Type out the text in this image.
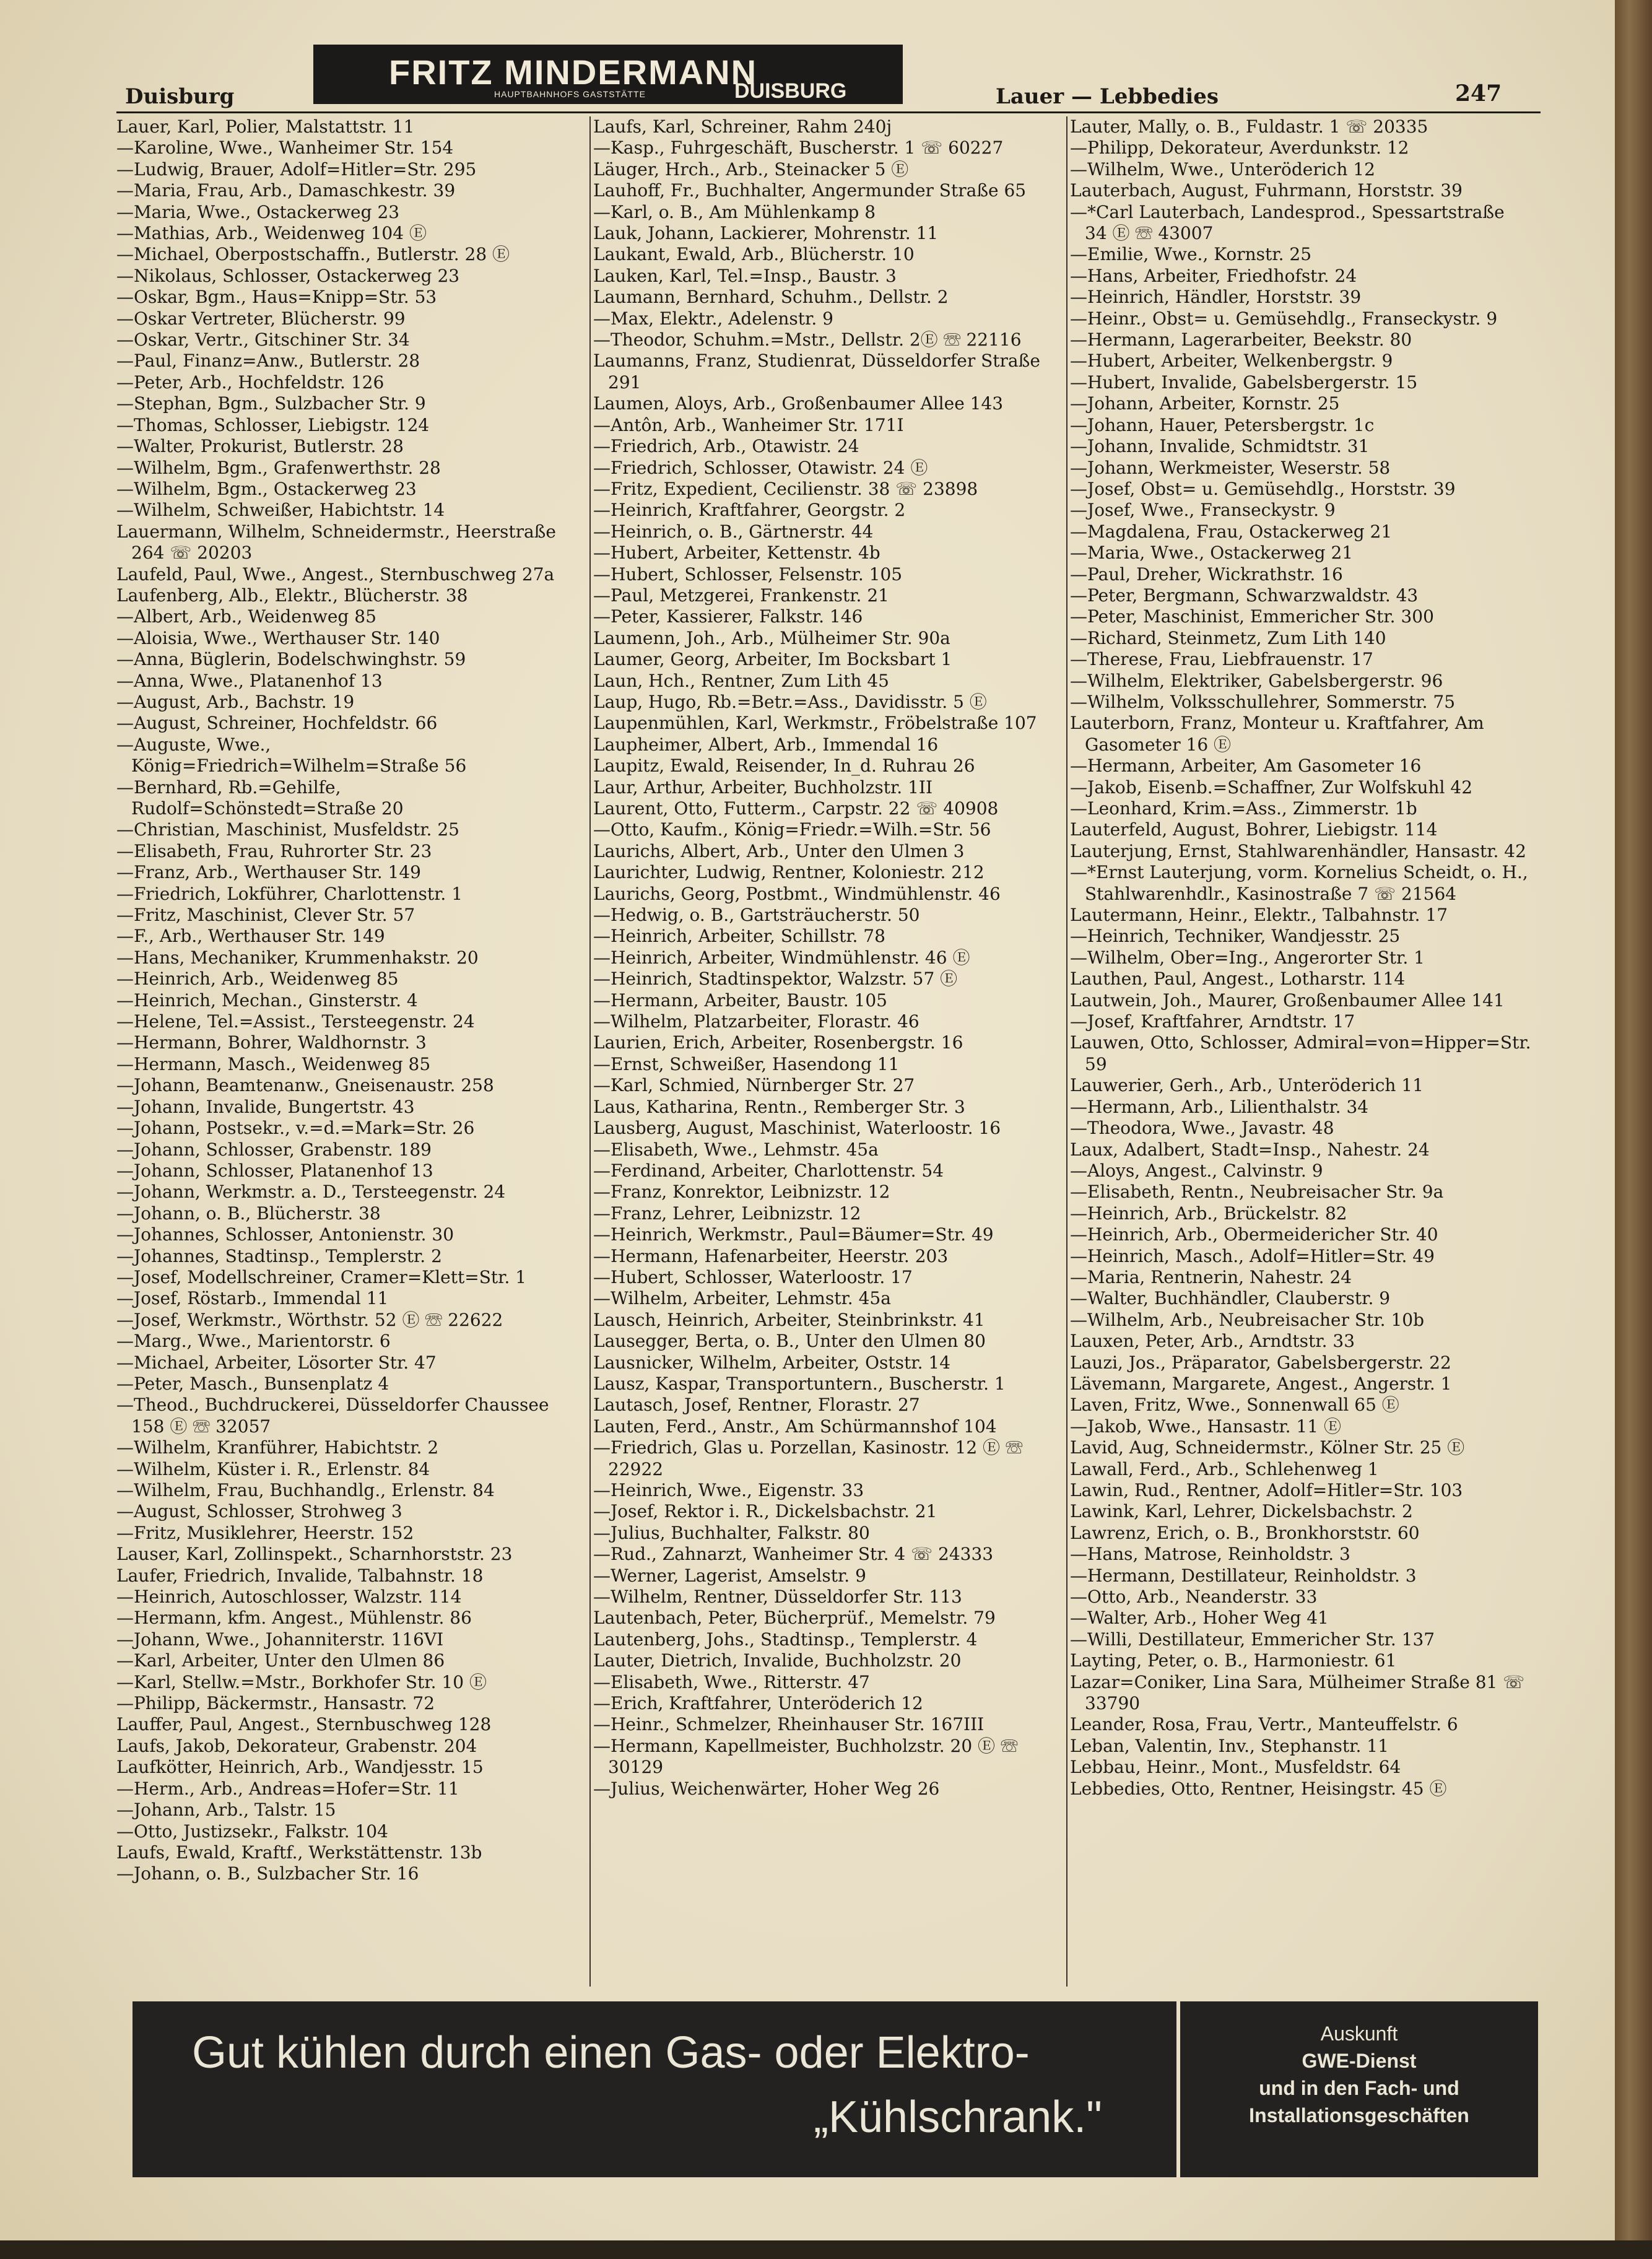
Duisburg
FRITZ MINDERMANN
HAUPTBAHNHOFS GASTSTÄTTE	DUISBURG	Lauer — Lebbedies	247

Lauer, Karl, Polier, Malstattstr. 11

—Karoline, Wwe., Wanheimer Str. 154

—Ludwig, Brauer, Adolf=Hitler=Str. 295

—Maria, Frau, Arb., Damaschkestr. 39

—Maria, Wwe., Ostackerweg 23

—Mathias, Arb., Weidenweg 104 Ⓔ

—Michael, Oberpostschaffn., Butlerstr. 28 Ⓔ

—Nikolaus, Schlosser, Ostackerweg 23

—Oskar, Bgm., Haus=Knipp=Str. 53

—Oskar Vertreter, Blücherstr. 99

—Oskar, Vertr., Gitschiner Str. 34

—Paul, Finanz=Anw., Butlerstr. 28

—Peter, Arb., Hochfeldstr. 126

—Stephan, Bgm., Sulzbacher Str. 9

—Thomas, Schlosser, Liebigstr. 124

—Walter, Prokurist, Butlerstr. 28

—Wilhelm, Bgm., Grafenwerthstr. 28

—Wilhelm, Bgm., Ostackerweg 23

—Wilhelm, Schweißer, Habichtstr. 14

Lauermann, Wilhelm, Schneidermstr., Heerstraße 264 ☏ 20203

Laufeld, Paul, Wwe., Angest., Sternbuschweg 27a

Laufenberg, Alb., Elektr., Blücherstr. 38

—Albert, Arb., Weidenweg 85

—Aloisia, Wwe., Werthauser Str. 140

—Anna, Büglerin, Bodelschwinghstr. 59

—Anna, Wwe., Platanenhof 13

—August, Arb., Bachstr. 19

—August, Schreiner, Hochfeldstr. 66

—Auguste, Wwe., König=Friedrich=Wilhelm=Straße 56

—Bernhard, Rb.=Gehilfe, Rudolf=Schönstedt=Straße 20

—Christian, Maschinist, Musfeldstr. 25

—Elisabeth, Frau, Ruhrorter Str. 23

—Franz, Arb., Werthauser Str. 149

—Friedrich, Lokführer, Charlottenstr. 1

—Fritz, Maschinist, Clever Str. 57

—F., Arb., Werthauser Str. 149

—Hans, Mechaniker, Krummenhakstr. 20

—Heinrich, Arb., Weidenweg 85

—Heinrich, Mechan., Ginsterstr. 4

—Helene, Tel.=Assist., Tersteegenstr. 24

—Hermann, Bohrer, Waldhornstr. 3

—Hermann, Masch., Weidenweg 85

—Johann, Beamtenanw., Gneisenaustr. 258

—Johann, Invalide, Bungertstr. 43

—Johann, Postsekr., v.=d.=Mark=Str. 26

—Johann, Schlosser, Grabenstr. 189

—Johann, Schlosser, Platanenhof 13

—Johann, Werkmstr. a. D., Tersteegenstr. 24

—Johann, o. B., Blücherstr. 38

—Johannes, Schlosser, Antonienstr. 30

—Johannes, Stadtinsp., Templerstr. 2

—Josef, Modellschreiner, Cramer=Klett=Str. 1

—Josef, Röstarb., Immendal 11

—Josef, Werkmstr., Wörthstr. 52 Ⓔ ☏ 22622

—Marg., Wwe., Marientorstr. 6

—Michael, Arbeiter, Lösorter Str. 47

—Peter, Masch., Bunsenplatz 4

—Theod., Buchdruckerei, Düsseldorfer Chaussee 158 Ⓔ ☏ 32057

—Wilhelm, Kranführer, Habichtstr. 2

—Wilhelm, Küster i. R., Erlenstr. 84

—Wilhelm, Frau, Buchhandlg., Erlenstr. 84

—August, Schlosser, Strohweg 3

—Fritz, Musiklehrer, Heerstr. 152

Lauser, Karl, Zollinspekt., Scharnhorststr. 23

Laufer, Friedrich, Invalide, Talbahnstr. 18

—Heinrich, Autoschlosser, Walzstr. 114

—Hermann, kfm. Angest., Mühlenstr. 86

—Johann, Wwe., Johanniterstr. 116VI

—Karl, Arbeiter, Unter den Ulmen 86

—Karl, Stellw.=Mstr., Borkhofer Str. 10 Ⓔ

—Philipp, Bäckermstr., Hansastr. 72

Lauffer, Paul, Angest., Sternbuschweg 128

Laufs, Jakob, Dekorateur, Grabenstr. 204

Laufkötter, Heinrich, Arb., Wandjesstr. 15

—Herm., Arb., Andreas=Hofer=Str. 11

—Johann, Arb., Talstr. 15

—Otto, Justizsekr., Falkstr. 104

Laufs, Ewald, Kraftf., Werkstättenstr. 13b

—Johann, o. B., Sulzbacher Str. 16

Laufs, Karl, Schreiner, Rahm 240j

—Kasp., Fuhrgeschäft, Buscherstr. 1 ☏ 60227

Läuger, Hrch., Arb., Steinacker 5 Ⓔ

Lauhoff, Fr., Buchhalter, Angermunder Straße 65

—Karl, o. B., Am Mühlenkamp 8

Lauk, Johann, Lackierer, Mohrenstr. 11

Laukant, Ewald, Arb., Blücherstr. 10

Lauken, Karl, Tel.=Insp., Baustr. 3

Laumann, Bernhard, Schuhm., Dellstr. 2

—Max, Elektr., Adelenstr. 9

—Theodor, Schuhm.=Mstr., Dellstr. 2Ⓔ ☏ 22116

Laumanns, Franz, Studienrat, Düsseldorfer Straße 291

Laumen, Aloys, Arb., Großenbaumer Allee 143

—Antôn, Arb., Wanheimer Str. 171I

—Friedrich, Arb., Otawistr. 24

—Friedrich, Schlosser, Otawistr. 24 Ⓔ

—Fritz, Expedient, Cecilienstr. 38 ☏ 23898

—Heinrich, Kraftfahrer, Georgstr. 2

—Heinrich, o. B., Gärtnerstr. 44

—Hubert, Arbeiter, Kettenstr. 4b

—Hubert, Schlosser, Felsenstr. 105

—Paul, Metzgerei, Frankenstr. 21

—Peter, Kassierer, Falkstr. 146

Laumenn, Joh., Arb., Mülheimer Str. 90a

Laumer, Georg, Arbeiter, Im Bocksbart 1

Laun, Hch., Rentner, Zum Lith 45

Laup, Hugo, Rb.=Betr.=Ass., Davidisstr. 5 Ⓔ

Laupenmühlen, Karl, Werkmstr., Fröbelstraße 107

Laupheimer, Albert, Arb., Immendal 16

Laupitz, Ewald, Reisender, In_d. Ruhrau 26

Laur, Arthur, Arbeiter, Buchholzstr. 1II

Laurent, Otto, Futterm., Carpstr. 22 ☏ 40908

—Otto, Kaufm., König=Friedr.=Wilh.=Str. 56

Laurichs, Albert, Arb., Unter den Ulmen 3

Laurichter, Ludwig, Rentner, Koloniestr. 212

Laurichs, Georg, Postbmt., Windmühlenstr. 46

—Hedwig, o. B., Gartsträucherstr. 50

—Heinrich, Arbeiter, Schillstr. 78

—Heinrich, Arbeiter, Windmühlenstr. 46 Ⓔ

—Heinrich, Stadtinspektor, Walzstr. 57 Ⓔ

—Hermann, Arbeiter, Baustr. 105

—Wilhelm, Platzarbeiter, Florastr. 46

Laurien, Erich, Arbeiter, Rosenbergstr. 16

—Ernst, Schweißer, Hasendong 11

—Karl, Schmied, Nürnberger Str. 27

Laus, Katharina, Rentn., Remberger Str. 3

Lausberg, August, Maschinist, Waterloostr. 16

—Elisabeth, Wwe., Lehmstr. 45a

—Ferdinand, Arbeiter, Charlottenstr. 54

—Franz, Konrektor, Leibnizstr. 12

—Franz, Lehrer, Leibnizstr. 12

—Heinrich, Werkmstr., Paul=Bäumer=Str. 49

—Hermann, Hafenarbeiter, Heerstr. 203

—Hubert, Schlosser, Waterloostr. 17

—Wilhelm, Arbeiter, Lehmstr. 45a

Lausch, Heinrich, Arbeiter, Steinbrinkstr. 41

Lausegger, Berta, o. B., Unter den Ulmen 80

Lausnicker, Wilhelm, Arbeiter, Oststr. 14

Lausz, Kaspar, Transportuntern., Buscherstr. 1

Lautasch, Josef, Rentner, Florastr. 27

Lauten, Ferd., Anstr., Am Schürmannshof 104

—Friedrich, Glas u. Porzellan, Kasinostr. 12 Ⓔ ☏ 22922

—Heinrich, Wwe., Eigenstr. 33

—Josef, Rektor i. R., Dickelsbachstr. 21

—Julius, Buchhalter, Falkstr. 80

—Rud., Zahnarzt, Wanheimer Str. 4 ☏ 24333

—Werner, Lagerist, Amselstr. 9

—Wilhelm, Rentner, Düsseldorfer Str. 113

Lautenbach, Peter, Bücherprüf., Memelstr. 79

Lautenberg, Johs., Stadtinsp., Templerstr. 4

Lauter, Dietrich, Invalide, Buchholzstr. 20

—Elisabeth, Wwe., Ritterstr. 47

—Erich, Kraftfahrer, Unteröderich 12

—Heinr., Schmelzer, Rheinhauser Str. 167III

—Hermann, Kapellmeister, Buchholzstr. 20 Ⓔ ☏ 30129

—Julius, Weichenwärter, Hoher Weg 26

Lauter, Mally, o. B., Fuldastr. 1 ☏ 20335

—Philipp, Dekorateur, Averdunkstr. 12

—Wilhelm, Wwe., Unteröderich 12

Lauterbach, August, Fuhrmann, Horststr. 39

—*Carl Lauterbach, Landesprod., Spessartstraße 34 Ⓔ ☏ 43007

—Emilie, Wwe., Kornstr. 25

—Hans, Arbeiter, Friedhofstr. 24

—Heinrich, Händler, Horststr. 39

—Heinr., Obst= u. Gemüsehdlg., Franseckystr. 9

—Hermann, Lagerarbeiter, Beekstr. 80

—Hubert, Arbeiter, Welkenbergstr. 9

—Hubert, Invalide, Gabelsbergerstr. 15

—Johann, Arbeiter, Kornstr. 25

—Johann, Hauer, Petersbergstr. 1c

—Johann, Invalide, Schmidtstr. 31

—Johann, Werkmeister, Weserstr. 58

—Josef, Obst= u. Gemüsehdlg., Horststr. 39

—Josef, Wwe., Franseckystr. 9

—Magdalena, Frau, Ostackerweg 21

—Maria, Wwe., Ostackerweg 21

—Paul, Dreher, Wickrathstr. 16

—Peter, Bergmann, Schwarzwaldstr. 43

—Peter, Maschinist, Emmericher Str. 300

—Richard, Steinmetz, Zum Lith 140

—Therese, Frau, Liebfrauenstr. 17

—Wilhelm, Elektriker, Gabelsbergerstr. 96

—Wilhelm, Volksschullehrer, Sommerstr. 75

Lauterborn, Franz, Monteur u. Kraftfahrer, Am Gasometer 16 Ⓔ

—Hermann, Arbeiter, Am Gasometer 16

—Jakob, Eisenb.=Schaffner, Zur Wolfskuhl 42

—Leonhard, Krim.=Ass., Zimmerstr. 1b

Lauterfeld, August, Bohrer, Liebigstr. 114

Lauterjung, Ernst, Stahlwarenhändler, Hansastr. 42

—*Ernst Lauterjung, vorm. Kornelius Scheidt, o. H., Stahlwarenhdlr., Kasinostraße 7 ☏ 21564

Lautermann, Heinr., Elektr., Talbahnstr. 17

—Heinrich, Techniker, Wandjesstr. 25

—Wilhelm, Ober=Ing., Angerorter Str. 1

Lauthen, Paul, Angest., Lotharstr. 114

Lautwein, Joh., Maurer, Großenbaumer Allee 141

—Josef, Kraftfahrer, Arndtstr. 17

Lauwen, Otto, Schlosser, Admiral=von=Hipper=Str. 59

Lauwerier, Gerh., Arb., Unteröderich 11

—Hermann, Arb., Lilienthalstr. 34

—Theodora, Wwe., Javastr. 48

Laux, Adalbert, Stadt=Insp., Nahestr. 24

—Aloys, Angest., Calvinstr. 9

—Elisabeth, Rentn., Neubreisacher Str. 9a

—Heinrich, Arb., Brückelstr. 82

—Heinrich, Arb., Obermeidericher Str. 40

—Heinrich, Masch., Adolf=Hitler=Str. 49

—Maria, Rentnerin, Nahestr. 24

—Walter, Buchhändler, Clauberstr. 9

—Wilhelm, Arb., Neubreisacher Str. 10b

Lauxen, Peter, Arb., Arndtstr. 33

Lauzi, Jos., Präparator, Gabelsbergerstr. 22

Lävemann, Margarete, Angest., Angerstr. 1

Laven, Fritz, Wwe., Sonnenwall 65 Ⓔ

—Jakob, Wwe., Hansastr. 11 Ⓔ

Lavid, Aug, Schneidermstr., Kölner Str. 25 Ⓔ

Lawall, Ferd., Arb., Schlehenweg 1

Lawin, Rud., Rentner, Adolf=Hitler=Str. 103

Lawink, Karl, Lehrer, Dickelsbachstr. 2

Lawrenz, Erich, o. B., Bronkhorststr. 60

—Hans, Matrose, Reinholdstr. 3

—Hermann, Destillateur, Reinholdstr. 3

—Otto, Arb., Neanderstr. 33

—Walter, Arb., Hoher Weg 41

—Willi, Destillateur, Emmericher Str. 137

Layting, Peter, o. B., Harmoniestr. 61

Lazar=Coniker, Lina Sara, Mülheimer Straße 81 ☏ 33790

Leander, Rosa, Frau, Vertr., Manteuffelstr. 6

Leban, Valentin, Inv., Stephanstr. 11

Lebbau, Heinr., Mont., Musfeldstr. 64

Lebbedies, Otto, Rentner, Heisingstr. 45 Ⓔ

Gut kühlen durch einen Gas- oder Elektro-
„Kühlschrank."
Auskunft
GWE-Dienst
und in den Fach- und
Installationsgeschäften
